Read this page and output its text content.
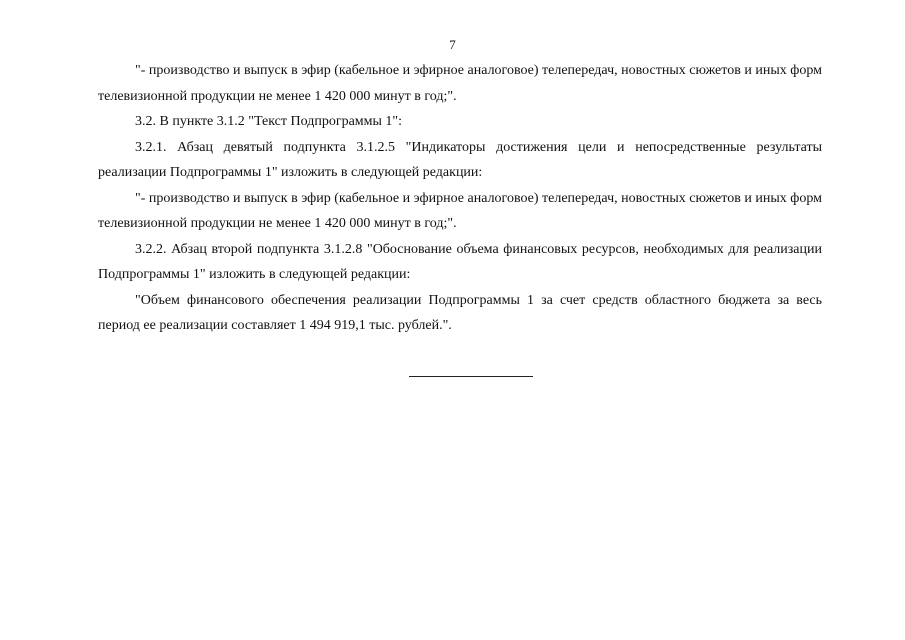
7

"- производство и выпуск в эфир (кабельное и эфирное аналоговое) телепередач, новостных сюжетов и иных форм телевизионной продукции не менее 1 420 000 минут в год;".

3.2. В пункте 3.1.2 "Текст Подпрограммы 1":

3.2.1. Абзац девятый подпункта 3.1.2.5 "Индикаторы достижения цели и непосредственные результаты реализации Подпрограммы 1" изложить в следующей редакции:

"- производство и выпуск в эфир (кабельное и эфирное аналоговое) телепередач, новостных сюжетов и иных форм телевизионной продукции не менее 1 420 000 минут в год;".

3.2.2. Абзац второй подпункта 3.1.2.8 "Обоснование объема финансовых ресурсов, необходимых для реализации Подпрограммы 1" изложить в следующей редакции:

"Объем финансового обеспечения реализации Подпрограммы 1 за счет средств областного бюджета за весь период ее реализации составляет 1 494 919,1 тыс. рублей.".
